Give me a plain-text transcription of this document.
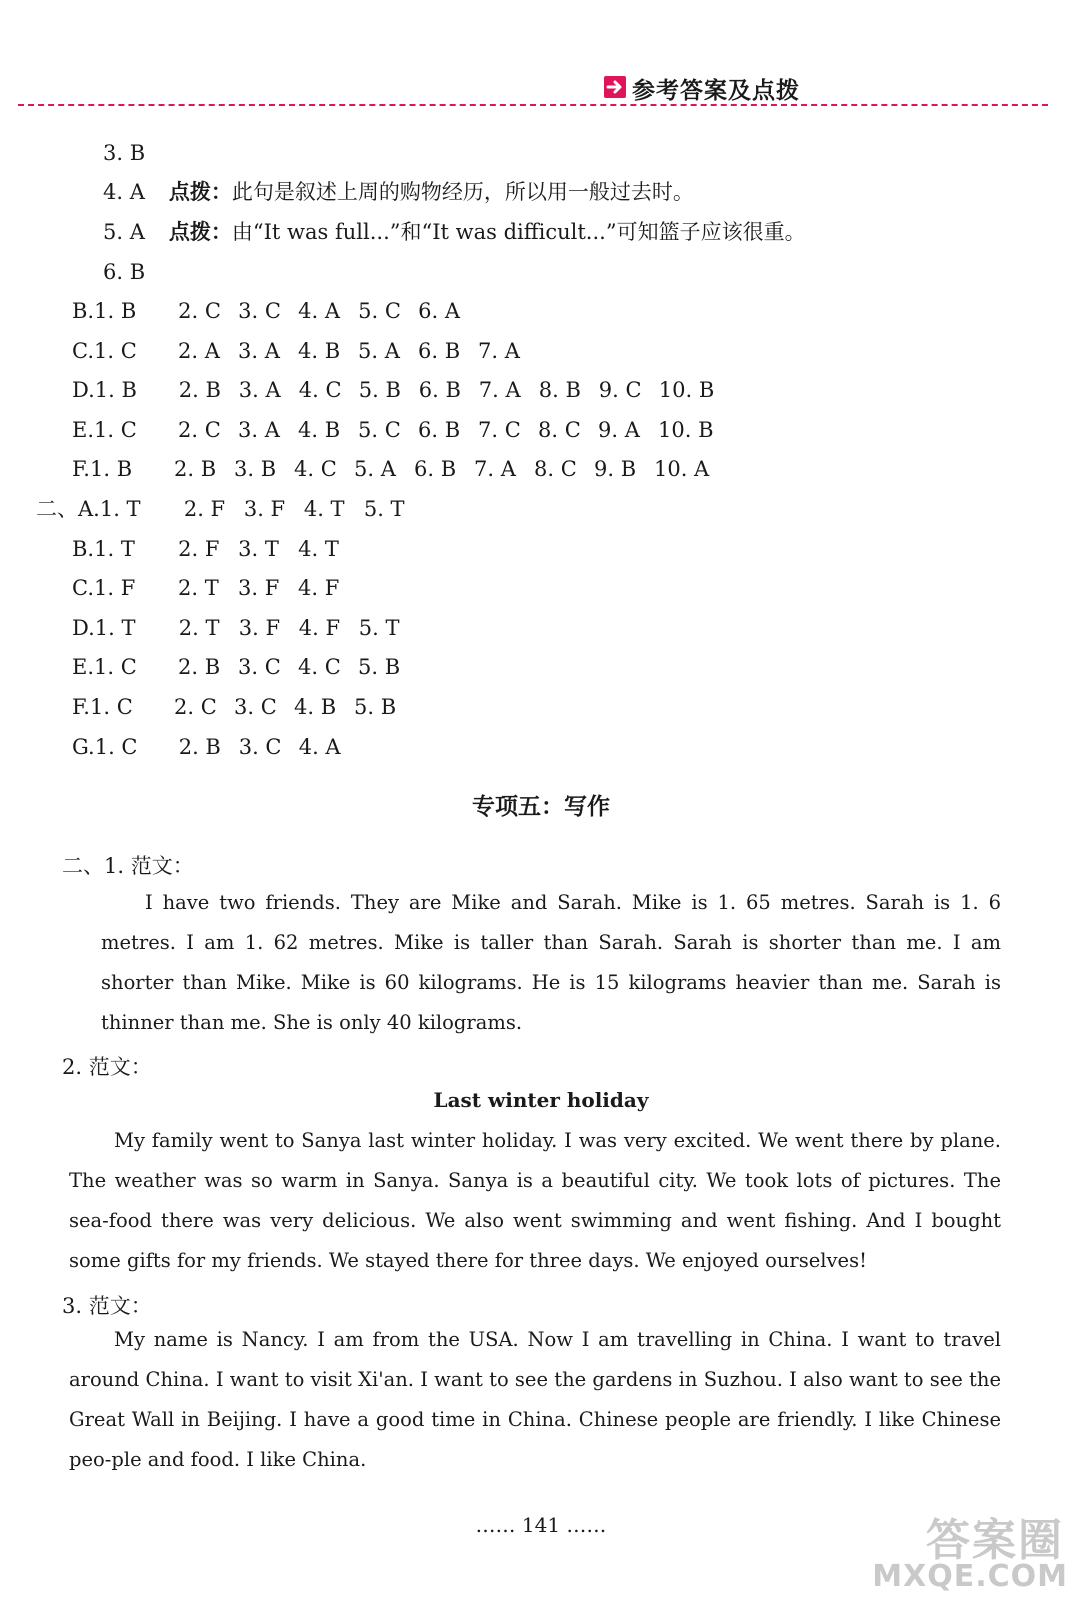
参考答案及点拨
3. B
4. A 点拨：此句是叙述上周的购物经历，所以用一般过去时。
5. A 点拨：由“It was full...”和“It was difficult...”可知篮子应该很重。
6. B
B.1. B 2. C 3. C 4. A 5. C 6. A
C.1. C 2. A 3. A 4. B 5. A 6. B 7. A
D.1. B 2. B 3. A 4. C 5. B 6. B 7. A 8. B 9. C 10. B
E.1. C 2. C 3. A 4. B 5. C 6. B 7. C 8. C 9. A 10. B
F.1. B 2. B 3. B 4. C 5. A 6. B 7. A 8. C 9. B 10. A
二、A.1. T 2. F 3. F 4. T 5. T
B.1. T 2. F 3. T 4. T
C.1. F 2. T 3. F 4. F
D.1. T 2. T 3. F 4. F 5. T
E.1. C 2. B 3. C 4. C 5. B
F.1. C 2. C 3. C 4. B 5. B
G.1. C 2. B 3. C 4. A
专项五：写作
二、1. 范文：
I have two friends. They are Mike and Sarah. Mike is 1. 65 metres. Sarah is 1. 6 metres. I am 1. 62 metres. Mike is taller than Sarah. Sarah is shorter than me. I am shorter than Mike. Mike is 60 kilograms. He is 15 kilograms heavier than me. Sarah is thinner than me. She is only 40 kilograms.
2. 范文：
Last winter holiday
My family went to Sanya last winter holiday. I was very excited. We went there by plane. The weather was so warm in Sanya. Sanya is a beautiful city. We took lots of pictures. The sea-food there was very delicious. We also went swimming and went fishing. And I bought some gifts for my friends. We stayed there for three days. We enjoyed ourselves!
3. 范文：
My name is Nancy. I am from the USA. Now I am travelling in China. I want to travel around China. I want to visit Xi'an. I want to see the gardens in Suzhou. I also want to see the Great Wall in Beijing. I have a good time in China. Chinese people are friendly. I like Chinese peo-ple and food. I like China.
…… 141 ……	答案圈
MXQE.COM
